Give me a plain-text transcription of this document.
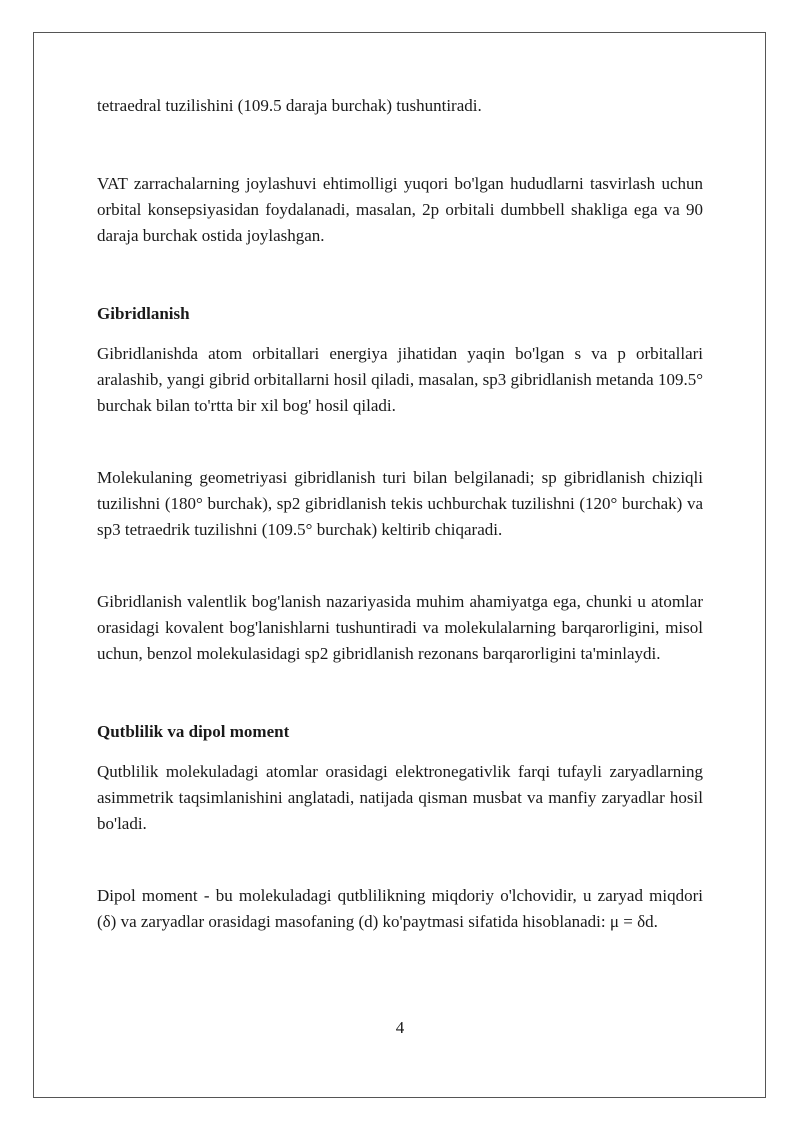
tetraedral tuzilishini (109.5 daraja burchak) tushuntiradi.

VAT zarrachalarning joylashuvi ehtimolligi yuqori bo'lgan hududlarni tasvirlash uchun orbital konsepsiyasidan foydalanadi, masalan, 2p orbitali dumbbell shakliga ega va 90 daraja burchak ostida joylashgan.

Gibridlanish

Gibridlanishda atom orbitallari energiya jihatidan yaqin bo'lgan s va p orbitallari aralashib, yangi gibrid orbitallarni hosil qiladi, masalan, sp3 gibridlanish metanda 109.5° burchak bilan to'rtta bir xil bog' hosil qiladi.

Molekulaning geometriyasi gibridlanish turi bilan belgilanadi; sp gibridlanish chiziqli tuzilishni (180° burchak), sp2 gibridlanish tekis uchburchak tuzilishni (120° burchak) va sp3 tetraedrik tuzilishni (109.5° burchak) keltirib chiqaradi.

Gibridlanish valentlik bog'lanish nazariyasida muhim ahamiyatga ega, chunki u atomlar orasidagi kovalent bog'lanishlarni tushuntiradi va molekulalarning barqarorligini, misol uchun, benzol molekulasidagi sp2 gibridlanish rezonans barqarorligini ta'minlaydi.

Qutblilik va dipol moment

Qutblilik molekuladagi atomlar orasidagi elektronegativlik farqi tufayli zaryadlarning asimmetrik taqsimlanishini anglatadi, natijada qisman musbat va manfiy zaryadlar hosil bo'ladi.

Dipol moment - bu molekuladagi qutblilikning miqdoriy o'lchovidir, u zaryad miqdori (δ) va zaryadlar orasidagi masofaning (d) ko'paytmasi sifatida hisoblanadi: μ = δd.

4
